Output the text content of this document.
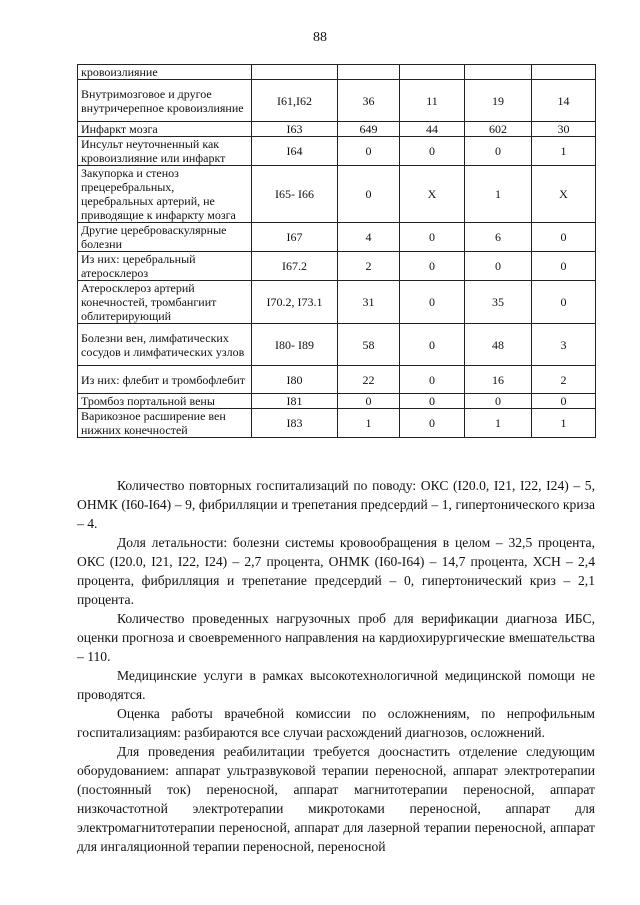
88
кровоизлияние					
Внутримозговое и другое внутричерепное кровоизлияние	I61,I62	36	11	19	14
Инфаркт мозга	I63	649	44	602	30
Инсульт неуточненный как кровоизлияние или инфаркт	I64	0	0	0	1
Закупорка и стеноз прецеребральных, церебральных артерий, не приводящие к инфаркту мозга	I65- I66	0	X	1	X
Другие цереброваскулярные болезни	I67	4	0	6	0
Из них: церебральный атеросклероз	I67.2	2	0	0	0
Атеросклероз артерий конечностей, тромбангиит облитерирующий	I70.2, I73.1	31	0	35	0
Болезни вен, лимфатических сосудов и лимфатических узлов	I80- I89	58	0	48	3
Из них: флебит и тромбофлебит	I80	22	0	16	2
Тромбоз портальной вены	I81	0	0	0	0
Варикозное расширение вен нижних конечностей	I83	1	0	1	1

Количество повторных госпитализаций по поводу: ОКС (I20.0, I21, I22, I24) – 5, ОНМК (I60-I64) – 9, фибрилляции и трепетания предсердий – 1, гипертонического криза – 4.

Доля летальности: болезни системы кровообращения в целом – 32,5 процента, ОКС (I20.0, I21, I22, I24) – 2,7 процента, ОНМК (I60-I64) – 14,7 процента, ХСН – 2,4 процента, фибрилляция и трепетание предсердий – 0, гипертонический криз – 2,1 процента.

Количество проведенных нагрузочных проб для верификации диагноза ИБС, оценки прогноза и своевременного направления на кардиохирургические вмешательства – 110.

Медицинские услуги в рамках высокотехнологичной медицинской помощи не проводятся.

Оценка работы врачебной комиссии по осложнениям, по непрофильным госпитализациям: разбираются все случаи расхождений диагнозов, осложнений.

Для проведения реабилитации требуется дооснастить отделение следующим оборудованием: аппарат ультразвуковой терапии переносной, аппарат электротерапии (постоянный ток) переносной, аппарат магнитотерапии переносной, аппарат низкочастотной электротерапии микротоками переносной, аппарат для электромагнитотерапии переносной, аппарат для лазерной терапии переносной, аппарат для ингаляционной терапии переносной, переносной
